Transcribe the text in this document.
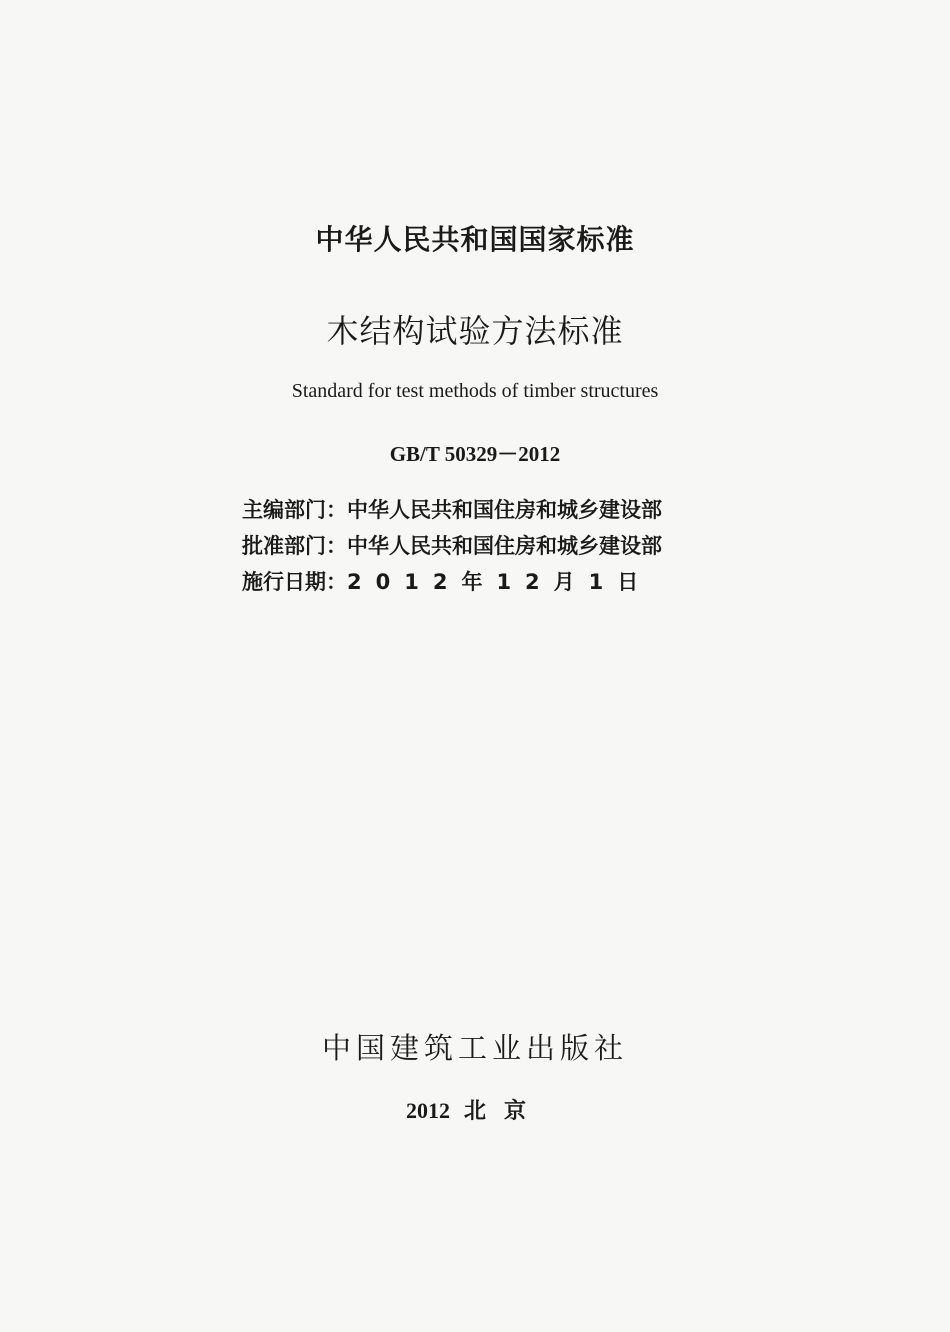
中华人民共和国国家标准
木结构试验方法标准
Standard for test methods of timber structures
GB/T 50329－2012
主编部门：中华人民共和国住房和城乡建设部
批准部门：中华人民共和国住房和城乡建设部
施行日期：2012年12月1日
中国建筑工业出版社
2012 北京
